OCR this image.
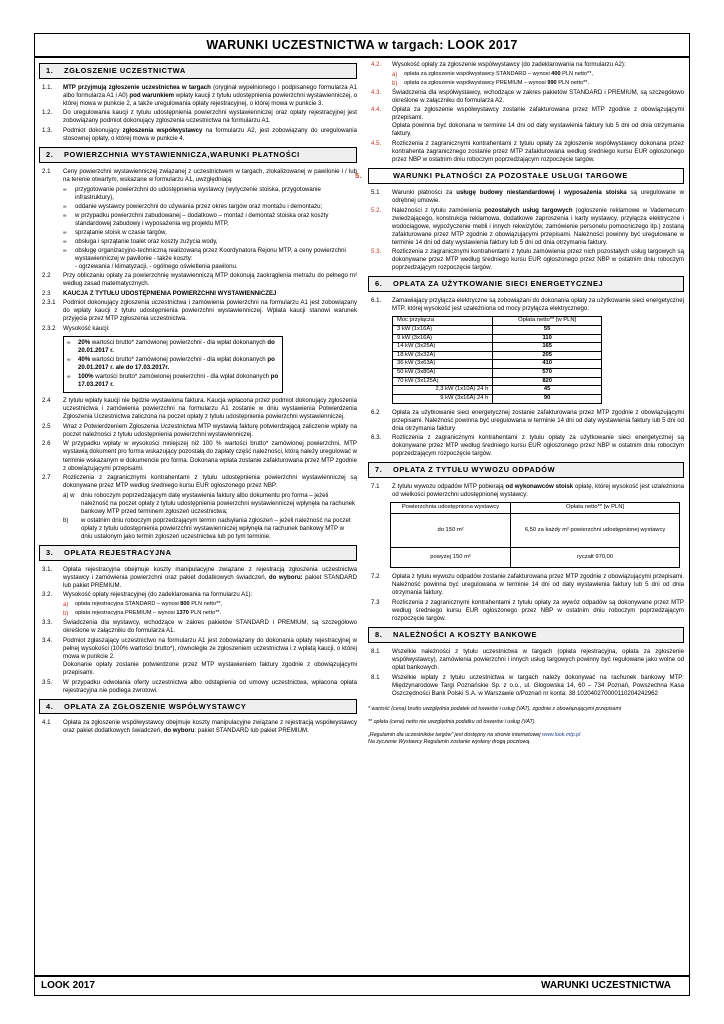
WARUNKI UCZESTNICTWA w targach: LOOK 2017
1. ZGŁOSZENIE UCZESTNICTWA
1.1.	MTP przyjmują zgłoszenie uczestnictwa w targach (oryginał wypełnionego i podpisanego formularza A1 albo formularza A1 i A0) pod warunkiem wpłaty kaucji z tytułu udostępnienia powierzchni wystawienniczej, o której mowa w punkcie 2, a także uregulowania opłaty rejestracyjnej, o której mowa w punkcie 3.
1.2.	Do uregulowania kaucji z tytułu udostępnienia powierzchni wystawienniczej oraz opłaty rejestracyjnej jest zobowiązany podmiot dokonujący zgłoszenia uczestnictwa na formularzu A1.
1.3.	Podmiot dokonujący zgłoszenia współwystawcy na formularzu A2, jest zobowiązany do uregulowania stosownej opłaty, o której mowa w punkcie 4.
2. POWIERZCHNIA WYSTAWIENNICZA,WARUNKI PŁATNOŚCI
2.1	Ceny powierzchni wystawienniczej związanej z uczestnictwem w targach, zlokalizowanej w pawilonie i / lub na terenie otwartym, wskazane w formularzu A1, uwzględniają:
∞	przygotowanie powierzchni do udostępnienia wystawcy (wytyczenie stoiska, przygotowanie infrastruktury),
∞	oddanie wystawcy powierzchni do używania przez okres targów oraz montażu i demontażu;
∞	w przypadku powierzchni zabudowanej – dodatkowo – montaż i demontaż stoiska oraz koszty standardowej zabudowy i wyposażenia wg projektu MTP,
∞	sprzątanie stoisk w czasie targów,
∞	obsługa i sprzątanie toalet oraz koszty zużycia wody,
∞	obsługę organizacyjno-techniczną realizowaną przez Koordynatora Rejonu MTP, a ceny powierzchni wystawienniczej w pawilonie - także koszty:
- ogrzewania / klimatyzacji, - ogólnego oświetlenia pawilonu.
2.2	Przy obliczaniu opłaty za powierzchnię wystawienniczą MTP dokonują zaokrąglenia metrażu do pełnego m² według zasad matematycznych.
2.3	KAUCJA Z TYTUŁU UDOSTĘPNIENIA POWIERZCHNI WYSTAWIENNICZEJ
2.3.1	Podmiot dokonujący zgłoszenia uczestnictwa i zamówienia powierzchni na formularzu A1 jest zobowiązany do wpłaty kaucji z tytułu udostępnienia powierzchni wystawienniczej. Wpłata kaucji stanowi warunek przyjęcia przez MTP zgłoszenia uczestnictwa.
2.3.2	Wysokość kaucji:
∞	20% wartości brutto* zamówionej powierzchni - dla wpłat dokonanych do 20.01.2017 r.
∞	40% wartości brutto* zamówionej powierzchni - dla wpłat dokonanych po 20.01.2017 r. ale do 17.03.2017r.
∞	100% wartości brutto* zamówionej powierzchni - dla wpłat dokonanych po 17.03.2017 r.
2.4	Z tytułu wpłaty kaucji nie będzie wystawiona faktura. Kaucja wpłacona przez podmiot dokonujący zgłoszenia uczestnictwa i zamówienia powierzchni na formularzu A1 zostanie w dniu wystawienia Potwierdzenia Zgłoszenia Uczestnictwa zaliczona na poczet opłaty z tytułu udostępnienia powierzchni wystawienniczej.
2.5	Wraz z Potwierdzeniem Zgłoszenia Uczestnictwa MTP wystawią fakturę potwierdzającą zaliczenie wpłaty na poczet należności z tytułu udostępnienia powierzchni wystawienniczej.
2.6	W przypadku wpłaty w wysokości mniejszej niż 100 % wartości brutto* zamówionej powierzchni, MTP wystawią dokument pro forma wskazujący pozostałą do zapłaty część należności, którą należy uregulować w terminie wskazanym w dokumencie pro forma. Dokonana wpłata zostanie zafakturowana przez MTP zgodnie z obowiązującymi przepisami.
2.7	Rozliczenia z zagranicznymi kontrahentami z tytułu udostępnienia powierzchni wystawienniczej są dokonywane przez MTP według średniego kursu EUR ogłoszonego przez NBP:
a) w	dniu roboczym poprzedzającym datę wystawienia faktury albo dokumentu pro forma – jeżeli należność na poczet opłaty z tytułu udostępnienia powierzchni wystawienniczej wpłynęła na rachunek bankowy MTP przed terminem zgłoszeń uczestnictwa;
b)	w ostatnim dniu roboczym poprzedzającym termin nadsyłania zgłoszeń – jeżeli należność na poczet opłaty z tytułu udostępnienia powierzchni wystawienniczej wpłynęła na rachunek bankowy MTP w dniu ustalonym jako termin zgłoszeń uczestnictwa lub po tym terminie.
3. OPŁATA REJESTRACYJNA
3.1.	Opłata rejestracyjna obejmuje koszty manipulacyjne związane z rejestracją zgłoszenia uczestnictwa wystawcy i zamówienia powierzchni oraz pakiet dodatkowych świadczeń, do wyboru: pakiet STANDARD lub pakiet PREMIUM.
3.2.	Wysokość opłaty rejestracyjnej (do zadeklarowania na formularzu A1):
a)	opłata rejestracyjna STANDARD – wynosi 800 PLN netto**,
b)	opłata rejestracyjna PREMIUM – wynosi 1370 PLN netto**.
3.3.	Świadczenia dla wystawcy, wchodzące w zakres pakietów STANDARD i PREMIUM, są szczegółowo określone w załączniku do formularza A1.
3.4.	Podmiot zgłaszający uczestnictwo na formularzu A1 jest zobowiązany do dokonania opłaty rejestracyjnej w pełnej wysokości (100% wartości brutto*), równolegle ze zgłoszeniem uczestnictwa i z wpłatą kaucji, o której mowa w punkcie 2.
Dokonanie opłaty zostanie potwierdzone przez MTP wystawieniem faktury zgodnie z obowiązującymi przepisami.
3.5.	W przypadku odwołania oferty uczestnictwa albo odstąpienia od umowy uczestnictwa, wpłacona opłata rejestracyjna nie podlega zwrotowi.
4. OPŁATA ZA ZGŁOSZENIE WSPÓŁWYSTAWCY
4.1	Opłata za zgłoszenie współwystawcy obejmuje koszty manipulacyjne związane z rejestracją współwystawcy oraz pakiet dodatkowych świadczeń, do wyboru: pakiet STANDARD lub pakiet PREMIUM.
4.2.	Wysokość opłaty za zgłoszenie współwystawcy (do zadeklarowania na formularzu A2):
a)	opłata za zgłoszenie współwystawcy STANDARD – wynosi 400 PLN netto**,
b)	opłata za zgłoszenie współwystawcy PREMIUM – wynosi 990 PLN netto**.
4.3.	Świadczenia dla współwystawcy, wchodzące w zakres pakietów STANDARD i PREMIUM, są szczegółowo określone w załączniku do formularza A2.
4.4.	Opłata za zgłoszenie współwystawcy zostanie zafakturowana przez MTP zgodnie z obowiązującymi przepisami.
Opłata powinna być dokonana w terminie 14 dni od daty wystawienia faktury lub 5 dni od dnia otrzymania faktury.
4.5.	Rozliczenia z zagranicznymi kontrahentami z tytułu opłaty za zgłoszenie współwystawcy dokonana przez kontrahenta zagranicznego zostanie przez MTP zafakturowana według średniego kursu EUR ogłoszonego przez NBP w ostatnim dniu roboczym poprzedzającym rozpoczęcie targów.
5.	WARUNKI PŁATNOŚCI ZA POZOSTAŁE USŁUGI TARGOWE
5.1	Warunki płatności za usługę budowy niestandardowej i wyposażenia stoiska są uregulowane w odrębnej umowie.
5.2.	Należności z tytułu zamówienia pozostałych usług targowych (ogłoszenie reklamowe w Vademecum zwiedzającego, konstrukcja reklamowa, dodatkowe zaproszenia i karty wystawcy, przyłącza elektryczne i wodociągowe, wypożyczenie mebli i innych rekwizytów, zamówienie personelu pomocniczego itp.) zostaną zafakturowane przez MTP zgodnie z obowiązującymi przepisami. Należności powinny być uregulowane w terminie 14 dni od daty wystawienia faktury lub 5 dni od dnia otrzymania faktury.
5.3.	Rozliczenia z zagranicznymi kontrahentami z tytułu zamówienia przez nich pozostałych usług targowych są dokonywane przez MTP według średniego kursu EUR ogłoszonego przez NBP w ostatnim dniu roboczym poprzedzającym rozpoczęcie targów.
6. OPŁATA ZA UŻYTKOWANIE SIECI ENERGETYCZNEJ
6.1.	Zamawiający przyłącza elektryczne są zobowiązani do dokonania opłaty za użytkowanie sieci energetycznej MTP, której wysokość jest uzależniona od mocy przyłącza elektrycznego:
Moc przyłącza	Opłata netto** [w PLN]
3 kW (1x16A)	55
9 kW (3x16A)	110
14 kW (3x25A)	165
18 kW (3x32A)	205
36 kW (3x63A)	410
50 kW (3x80A)	570
70 kW (3x125A)	820
2,3 kW (1x10A) 24 h	45
9 kW (3x16A) 24 h	90
6.2	Opłata za użytkowanie sieci energetycznej zostanie zafakturowana przez MTP zgodnie z obowiązującymi przepisami. Należność powinna być uregulowana w terminie 14 dni od daty wystawienia faktury lub 5 dni od dnia otrzymania faktury
6.3.	Rozliczenia z zagranicznymi kontrahentami z tytułu opłaty za użytkowanie sieci energetycznej są dokonywane przez MTP według średniego kursu EUR ogłoszonego przez NBP w ostatnim dniu roboczym poprzedzającym rozpoczęcie targów.
7. OPŁATA Z TYTUŁU WYWOZU ODPADÓW
7.1	Z tytułu wywozu odpadów MTP pobierają od wykonawców stoisk opłatę, której wysokość jest uzależniona od wielkości powierzchni udostępnionej wystawcy:
Powierzchnia udostępniona wystawcy	Opłata netto** [w PLN]
do 150 m²	6,50 za każdy m² powierzchni udostępnionej wystawcy
powyżej 150 m²	ryczałt 970,00
7.2	Opłata z tytułu wywozu odpadów zostanie zafakturowana przez MTP zgodnie z obowiązującymi przepisami. Należność powinna być uregulowana w terminie 14 dni od daty wystawienia faktury lub 5 dni od dnia otrzymania faktury.
7.3	Rozliczenia z zagranicznymi kontrahentami z tytułu opłaty za wywóz odpadów są dokonywane przez MTP według średniego kursu EUR ogłoszonego przez NBP w ostatnim dniu roboczym poprzedzającym rozpoczęcie targów.
8. NALEŻNOŚCI A KOSZTY BANKOWE
8.1	Wszelkie należności z tytułu uczestnictwa w targach (opłata rejestracyjna, opłata za zgłoszenie współwystawcy), zamówienia powierzchni i innych usług targowych powinny być regulowane jako wolne od opłat bankowych.
8.1	Wszelkie wpłaty z tytułu uczestnictwa w targach należy dokonywać na rachunek bankowy MTP: Międzynarodowe Targi Poznańskie Sp. z o.o., ul. Głogowska 14, 60 – 734 Poznań, Powszechna Kasa Oszczędności Bank Polski S.A. w Warszawie o/Poznań nr konta: 38 102040270000110204242962

* wartość (cena) brutto uwzględnia podatek od towarów i usług (VAT), zgodnie z obowiązującymi przepisami

** opłata (cena) netto nie uwzględnia podatku od towarów i usług (VAT)

„Regulamin dla uczestników targów” jest dostępny na stronie internetowej www.look.mtp.pl

Na życzenie Wystawcy Regulamin zostanie wysłany drogą pocztową.

LOOK 2017	WARUNKI UCZESTNICTWA
